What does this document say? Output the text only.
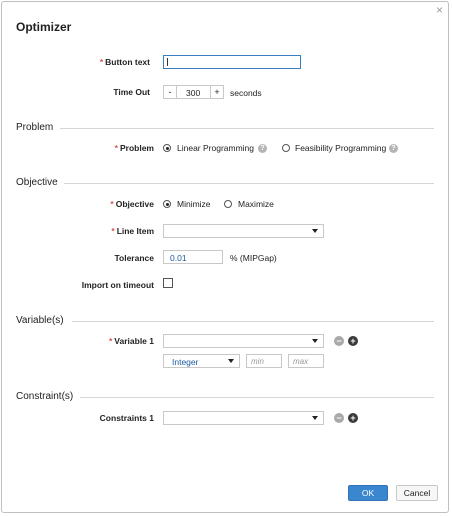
×
Optimizer
* Button text
Time Out	-	300	+	seconds
Problem
* Problem	Linear Programming ?	Feasibility Programming ?
Objective
* Objective	Minimize	Maximize
* Line Item
Tolerance 0.01	% (MIPGap)
Import on timeout
Variable(s)
* Variable 1	− +
Integer	min	max
Constraint(s)
Constraints 1	− +
OK	Cancel
